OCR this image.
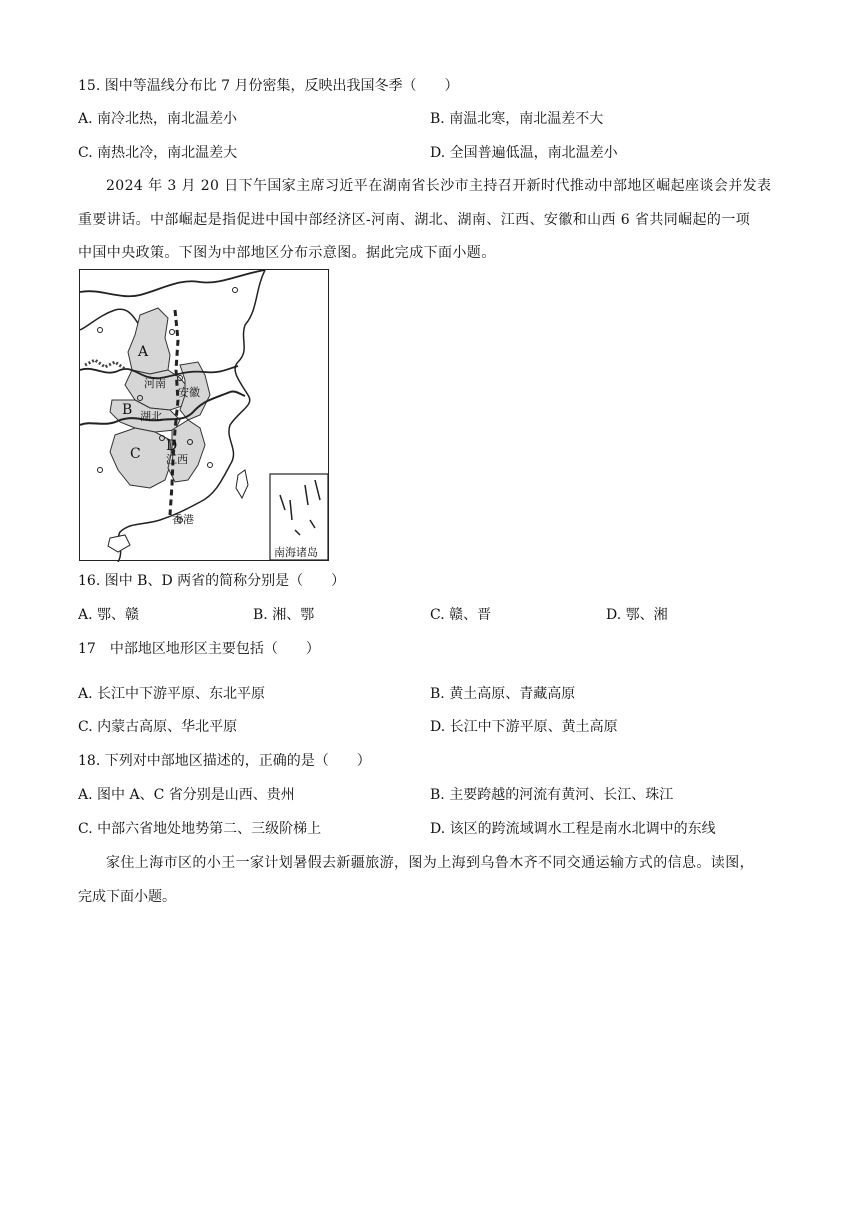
15. 图中等温线分布比 7 月份密集，反映出我国冬季（　　）
A. 南冷北热，南北温差小	B. 南温北寒，南北温差不大
C. 南热北冷，南北温差大	D. 全国普遍低温，南北温差小
2024 年 3 月 20 日下午国家主席习近平在湖南省长沙市主持召开新时代推动中部地区崛起座谈会并发表
重要讲话。中部崛起是指促进中国中部经济区-河南、湖北、湖南、江西、安徽和山西 6 省共同崛起的一项
中国中央政策。下图为中部地区分布示意图。据此完成下面小题。
南海诸岛
A
河南
安徽
B 湖北
C D
江西
香港
16. 图中 B、D 两省的简称分别是（　　）
A. 鄂、赣	B. 湘、鄂	C. 赣、晋	D. 鄂、湘
17　中部地区地形区主要包括（　　）
A. 长江中下游平原、东北平原	B. 黄土高原、青藏高原
C. 内蒙古高原、华北平原	D. 长江中下游平原、黄土高原
18. 下列对中部地区描述的，正确的是（　　）
A. 图中 A、C 省分别是山西、贵州	B. 主要跨越的河流有黄河、长江、珠江
C. 中部六省地处地势第二、三级阶梯上	D. 该区的跨流域调水工程是南水北调中的东线
家住上海市区的小王一家计划暑假去新疆旅游，图为上海到乌鲁木齐不同交通运输方式的信息。读图，
完成下面小题。
